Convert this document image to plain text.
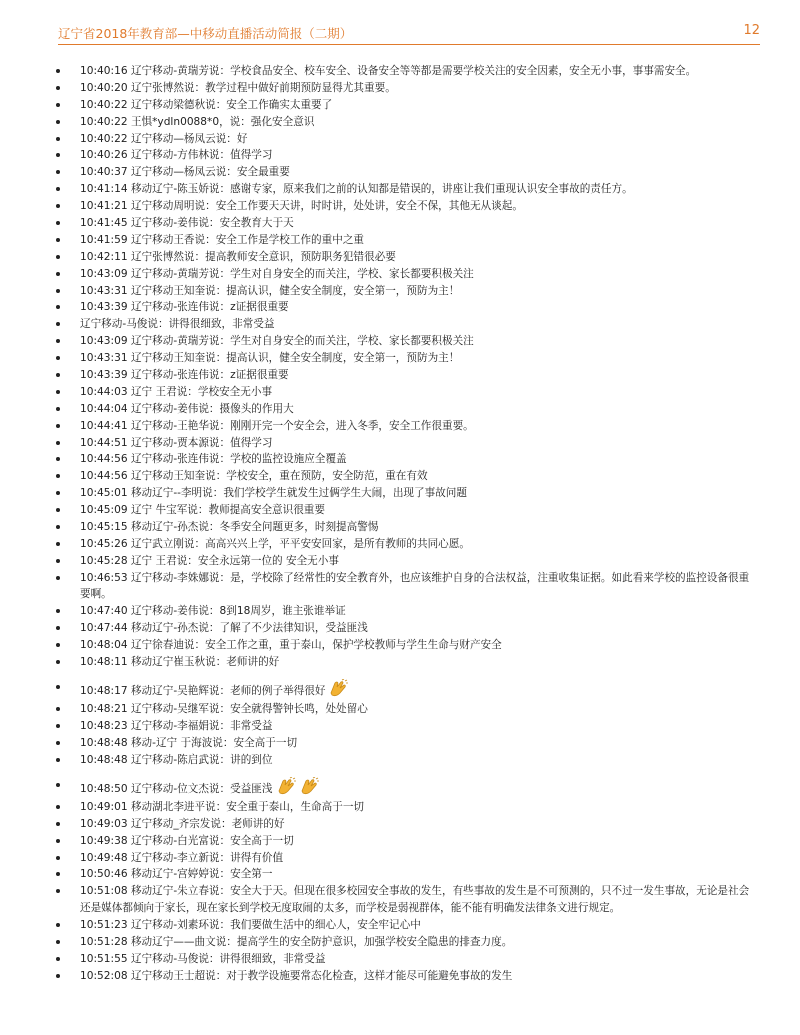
辽宁省2018年教育部—中移动直播活动简报（二期）	12
10:40:16 辽宁移动-黄瑞芳说：学校食品安全、校车安全、设备安全等等都是需要学校关注的安全因素，安全无小事，事事需安全。
10:40:20 辽宁张博然说：教学过程中做好前期预防显得尤其重要。
10:40:22 辽宁移动梁德秋说：安全工作确实太重要了
10:40:22 王惧*ydln0088*0，说：强化安全意识
10:40:22 辽宁移动—杨凤云说：好
10:40:26 辽宁移动-方伟林说：值得学习
10:40:37 辽宁移动—杨凤云说：安全最重要
10:41:14 移动辽宁-陈玉娇说：感谢专家，原来我们之前的认知都是错误的，讲座让我们重现认识安全事故的责任方。
10:41:21 辽宁移动周明说：安全工作要天天讲，时时讲，处处讲，安全不保，其他无从谈起。
10:41:45 辽宁移动-姜伟说：安全教育大于天
10:41:59 辽宁移动王香说：安全工作是学校工作的重中之重
10:42:11 辽宁张博然说：提高教师安全意识，预防职务犯错很必要
10:43:09 辽宁移动-黄瑞芳说：学生对自身安全的而关注，学校、家长都要积极关注
10:43:31 辽宁移动王知奎说：提高认识，健全安全制度，安全第一，预防为主！
10:43:39 辽宁移动-张连伟说：z证据很重要
辽宁移动-马俊说：讲得很细致，非常受益
10:43:09 辽宁移动-黄瑞芳说：学生对自身安全的而关注，学校、家长都要积极关注
10:43:31 辽宁移动王知奎说：提高认识，健全安全制度，安全第一，预防为主！
10:43:39 辽宁移动-张连伟说：z证据很重要
10:44:03 辽宁 王君说：学校安全无小事
10:44:04 辽宁移动-姜伟说：摄像头的作用大
10:44:41 辽宁移动-王艳华说：刚刚开完一个安全会，进入冬季，安全工作很重要。
10:44:51 辽宁移动-贾本源说：值得学习
10:44:56 辽宁移动-张连伟说：学校的监控设施应全覆盖
10:44:56 辽宁移动王知奎说：学校安全，重在预防，安全防范，重在有效
10:45:01 移动辽宁--李明说：我们学校学生就发生过俩学生大闹，出现了事故问题
10:45:09 辽宁 牛宝军说：教师提高安全意识很重要
10:45:15 移动辽宁-孙杰说：冬季安全问题更多，时刻提高警惕
10:45:26 辽宁武立刚说：高高兴兴上学，平平安安回家，是所有教师的共同心愿。
10:45:28 辽宁 王君说：安全永远第一位的 安全无小事
10:46:53 辽宁移动-李姝娜说：是，学校除了经常性的安全教育外，也应该维护自身的合法权益，注重收集证据。如此看来学校的监控设备很重要啊。
10:47:40 辽宁移动-姜伟说：8到18周岁，谁主张谁举证
10:47:44 移动辽宁-孙杰说：了解了不少法律知识，受益匪浅
10:48:04 辽宁徐春迪说：安全工作之重，重于泰山，保护学校教师与学生生命与财产安全
10:48:11 移动辽宁崔玉秋说：老师讲的好
10:48:17 移动辽宁-吴艳辉说：老师的例子举得很好
10:48:21 辽宁移动-吴继军说：安全就得警钟长鸣，处处留心
10:48:23 辽宁移动-李福娟说：非常受益
10:48:48 移动-辽宁 于海波说：安全高于一切
10:48:48 辽宁移动-陈启武说：讲的到位
10:48:50 辽宁移动-位文杰说：受益匪浅
10:49:01 移动湖北李进平说：安全重于泰山，生命高于一切
10:49:03 辽宁移动_齐宗发说：老师讲的好
10:49:38 辽宁移动-白光富说：安全高于一切
10:49:48 辽宁移动-李立新说：讲得有价值
10:50:46 移动辽宁-宫婷婷说：安全第一
10:51:08 移动辽宁-朱立春说：安全大于天。但现在很多校园安全事故的发生，有些事故的发生是不可预测的，只不过一发生事故，无论是社会还是媒体都倾向于家长，现在家长到学校无度取闹的太多，而学校是弱视群体，能不能有明确发法律条文进行规定。
10:51:23 辽宁移动-刘素环说：我们要做生活中的细心人，安全牢记心中
10:51:28 移动辽宁——曲文说：提高学生的安全防护意识，加强学校安全隐患的排查力度。
10:51:55 辽宁移动-马俊说：讲得很细致，非常受益
10:52:08 辽宁移动王士超说：对于教学设施要常态化检查，这样才能尽可能避免事故的发生
